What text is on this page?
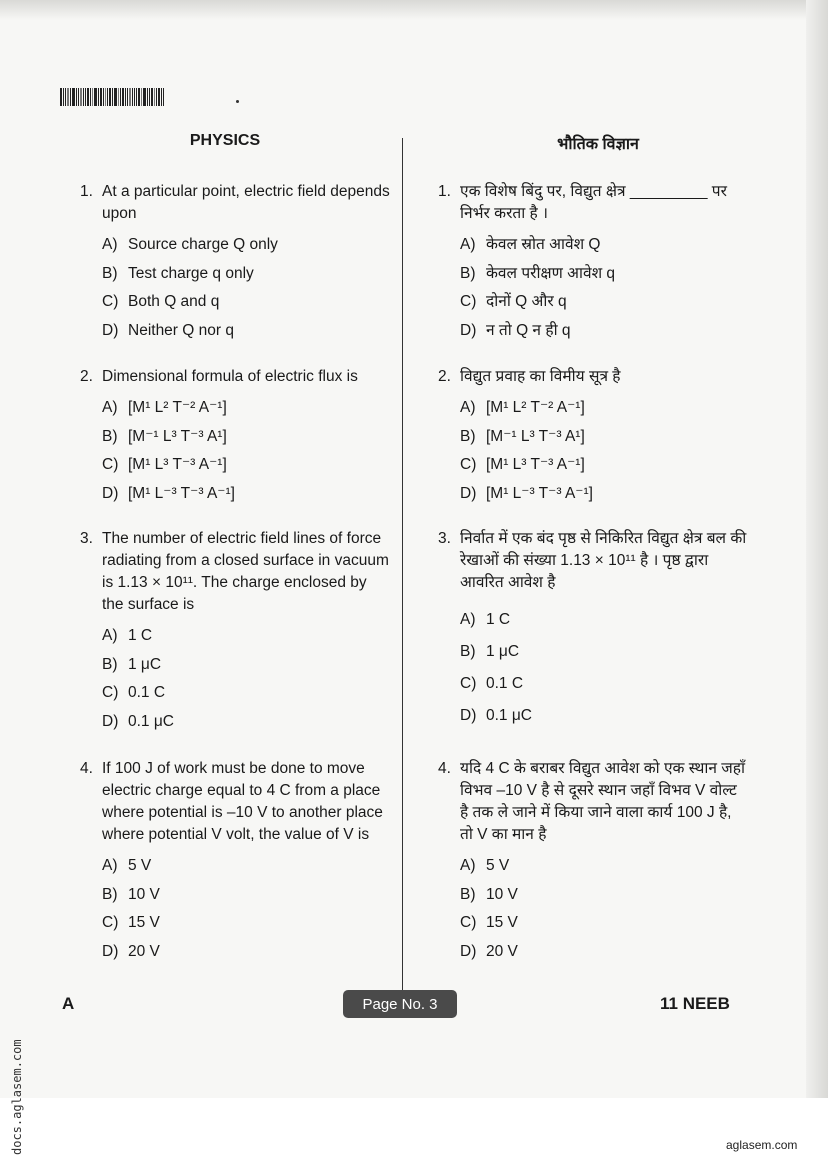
PHYSICS	भौतिक विज्ञान
1. At a particular point, electric field depends upon
A) Source charge Q only
B) Test charge q only
C) Both Q and q
D) Neither Q nor q
2. Dimensional formula of electric flux is
A) [M¹ L² T⁻² A⁻¹]
B) [M⁻¹ L³ T⁻³ A¹]
C) [M¹ L³ T⁻³ A⁻¹]
D) [M¹ L⁻³ T⁻³ A⁻¹]
3. The number of electric field lines of force radiating from a closed surface in vacuum is 1.13 × 10¹¹. The charge enclosed by the surface is
A) 1 C
B) 1 μC
C) 0.1 C
D) 0.1 μC
4. If 100 J of work must be done to move electric charge equal to 4 C from a place where potential is –10 V to another place where potential V volt, the value of V is
A) 5 V
B) 10 V
C) 15 V
D) 20 V
1. एक विशेष बिंदु पर, विद्युत क्षेत्र _________ पर निर्भर करता है ।
A) केवल स्रोत आवेश Q
B) केवल परीक्षण आवेश q
C) दोनों Q और q
D) न तो Q न ही q
2. विद्युत प्रवाह का विमीय सूत्र है
A) [M¹ L² T⁻² A⁻¹]
B) [M⁻¹ L³ T⁻³ A¹]
C) [M¹ L³ T⁻³ A⁻¹]
D) [M¹ L⁻³ T⁻³ A⁻¹]
3. निर्वात में एक बंद पृष्ठ से निकिरित विद्युत क्षेत्र बल की रेखाओं की संख्या 1.13 × 10¹¹ है । पृष्ठ द्वारा आवरित आवेश है
A) 1 C
B) 1 μC
C) 0.1 C
D) 0.1 μC
4. यदि 4 C के बराबर विद्युत आवेश को एक स्थान जहाँ विभव –10 V है से दूसरे स्थान जहाँ विभव V वोल्ट है तक ले जाने में किया जाने वाला कार्य 100 J है, तो V का मान है
A) 5 V
B) 10 V
C) 15 V
D) 20 V
A	Page No. 3	11 NEEB
docs.aglasem.com	aglasem.com
